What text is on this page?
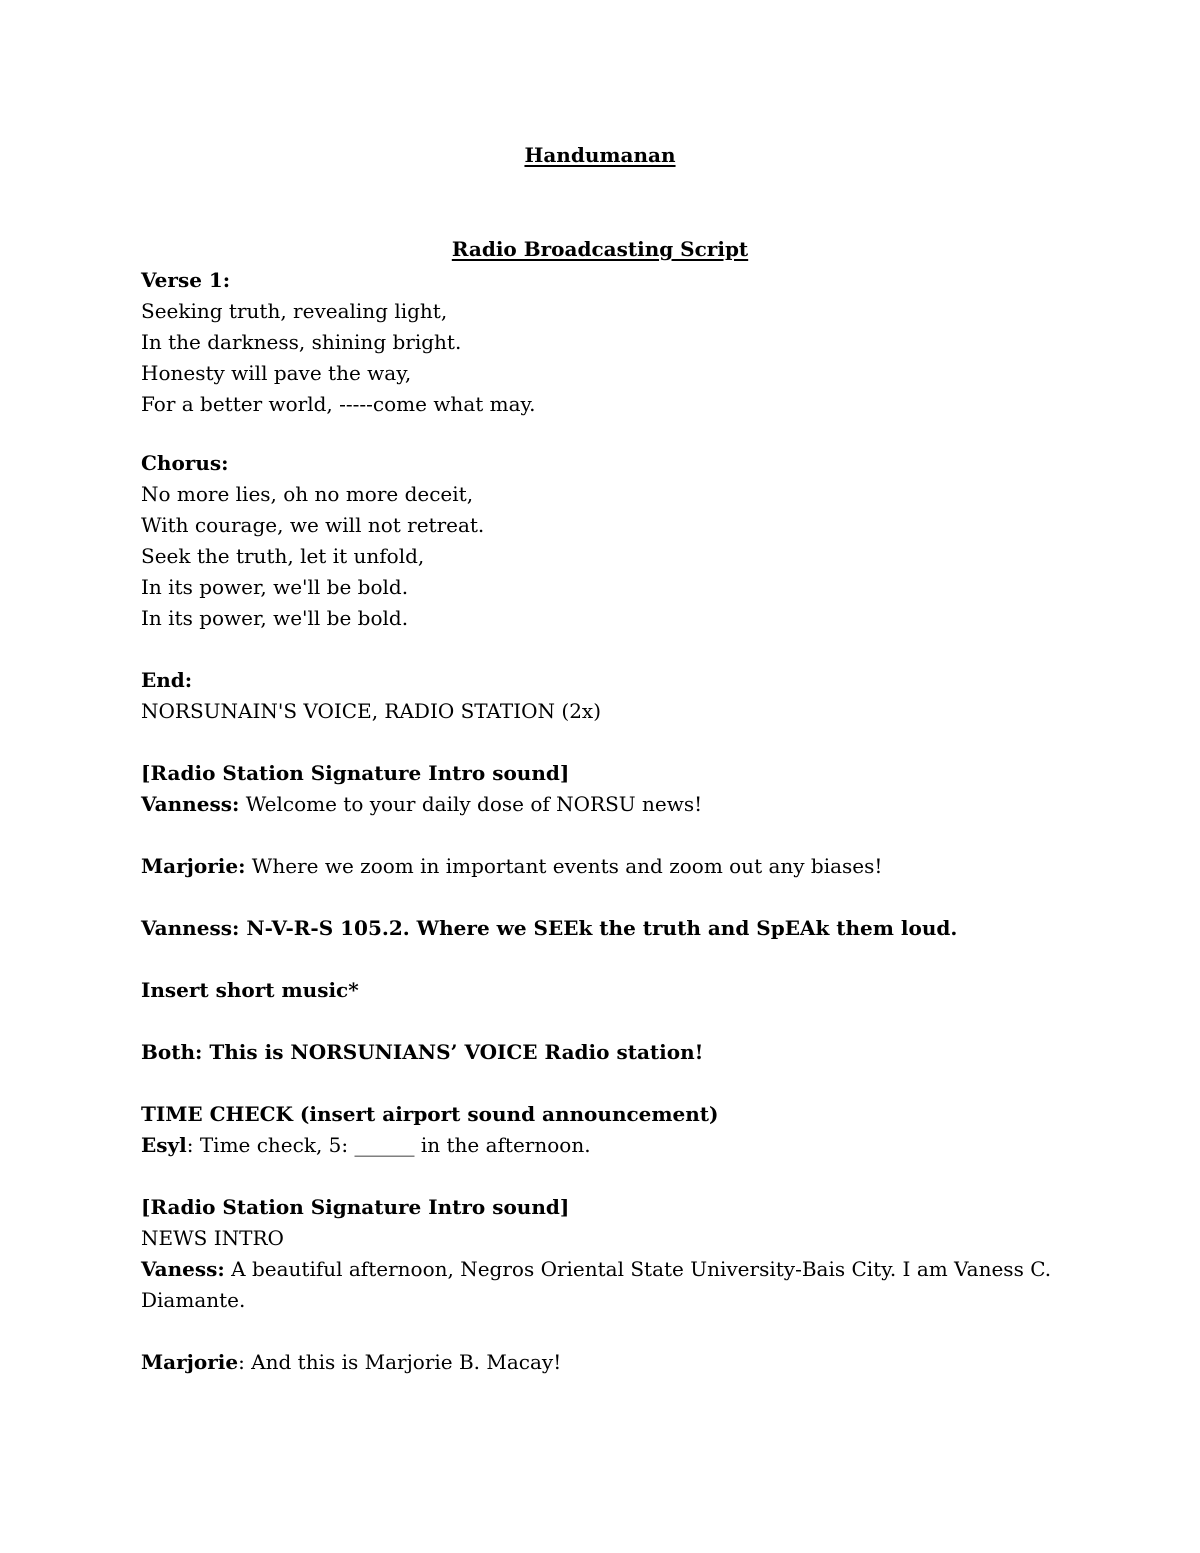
Handumanan
Radio Broadcasting Script
Verse 1:
Seeking truth, revealing light,
In the darkness, shining bright.
Honesty will pave the way,
For a better world, -----come what may.
Chorus:
No more lies, oh no more deceit,
With courage, we will not retreat.
Seek the truth, let it unfold,
In its power, we'll be bold.
In its power, we'll be bold.
End:
NORSUNAIN'S VOICE, RADIO STATION (2x)
[Radio Station Signature Intro sound]
Vanness: Welcome to your daily dose of NORSU news!
Marjorie: Where we zoom in important events and zoom out any biases!
Vanness: N-V-R-S 105.2. Where we SEEk the truth and SpEAk them loud.
Insert short music*
Both: This is NORSUNIANS’ VOICE Radio station!
TIME CHECK (insert airport sound announcement)
Esyl: Time check, 5: ______ in the afternoon.
[Radio Station Signature Intro sound]
NEWS INTRO
Vaness: A beautiful afternoon, Negros Oriental State University-Bais City. I am Vaness C.
Diamante.
Marjorie: And this is Marjorie B. Macay!
